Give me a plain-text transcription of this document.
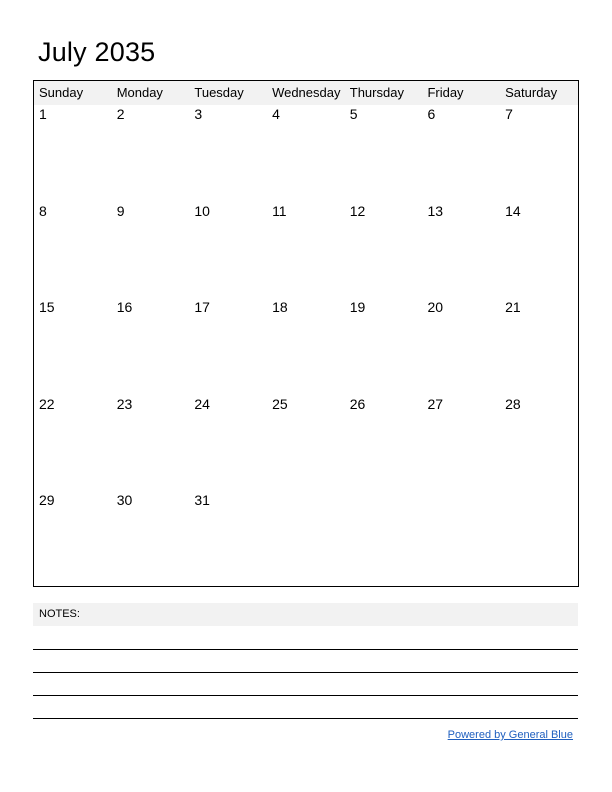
July 2035
Sunday	Monday	Tuesday	Wednesday Thursday	Friday	Saturday
1	2	3	4	5	6	7
8	9	10	11	12	13	14
15	16	17	18	19	20	21
22	23	24	25	26	27	28
29	30	31
NOTES:
Powered by General Blue
